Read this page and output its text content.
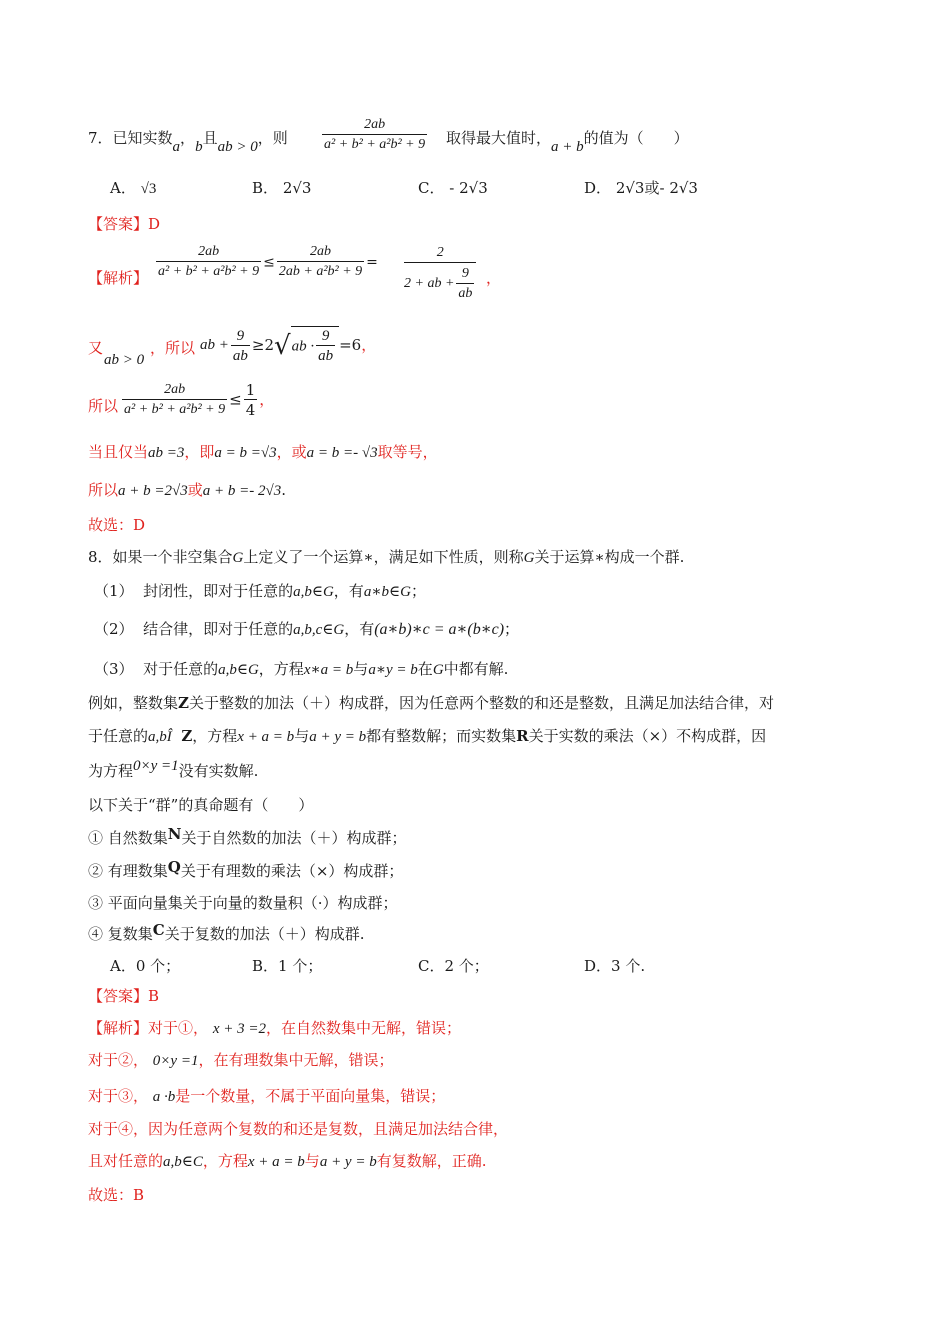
7．已知实数a，b且ab > 0，则 $\frac{2ab}{\text{a² + b² + a²b² + 9}}$ 取得最大值时，a + b的值为（　　）
A． √3	B． 2√3	C． - 2√3	D． 2√3或- 2√3
【答案】D
【解析】 $\frac{2ab}{\text{a² + b² + a²b² + 9}} \le \frac{2ab}{\text{2ab + a²b² + 9}} = \frac{2}{2 + ab + \frac{9}{ab}}$ ，
又
ab > 0
，所以 ab + $\frac{9}{ab} \ge 2√ab \cdot \frac{9}{ab} =6$，
所以 $\frac{2ab}{\text{a² + b² + a²b² + 9}} \le \frac{1}{4}$ ，
当且仅当ab =3，即a = b =√3，或a = b =- √3取等号，
所以a + b =2√3或a + b =- 2√3.
故选：D
8．如果一个非空集合G上定义了一个运算∗，满足如下性质，则称G关于运算∗构成一个群.
（1） 封闭性，即对于任意的a,b∈G，有a∗b∈G；
（2） 结合律，即对于任意的a,b,c∈G，有(a∗b)∗c = a∗(b∗c)；
（3） 对于任意的a,b∈G，方程x∗a = b与a∗y = b在G中都有解.
例如，整数集Z关于整数的加法（＋）构成群，因为任意两个整数的和还是整数，且满足加法结合律，对
于任意的a,bÎ Z，方程x + a = b与a + y = b都有整数解；而实数集R关于实数的乘法（×）不构成群，因
为方程0×y =1没有实数解.
以下关于“群”的真命题有（　　）
① 自然数集N关于自然数的加法（＋）构成群；
② 有理数集Q关于有理数的乘法（×）构成群；
③ 平面向量集关于向量的数量积（·）构成群；
④ 复数集C关于复数的加法（＋）构成群.
A．0 个；	B．1 个；	C．2 个；	D．3 个.
【答案】B
【解析】对于①， x + 3 =2，在自然数集中无解，错误；
对于②， 0×y =1，在有理数集中无解，错误；
对于③， a ·b是一个数量，不属于平面向量集，错误；
对于④，因为任意两个复数的和还是复数，且满足加法结合律，
且对任意的a,b∈C，方程x + a = b与a + y = b有复数解，正确.
故选：B
